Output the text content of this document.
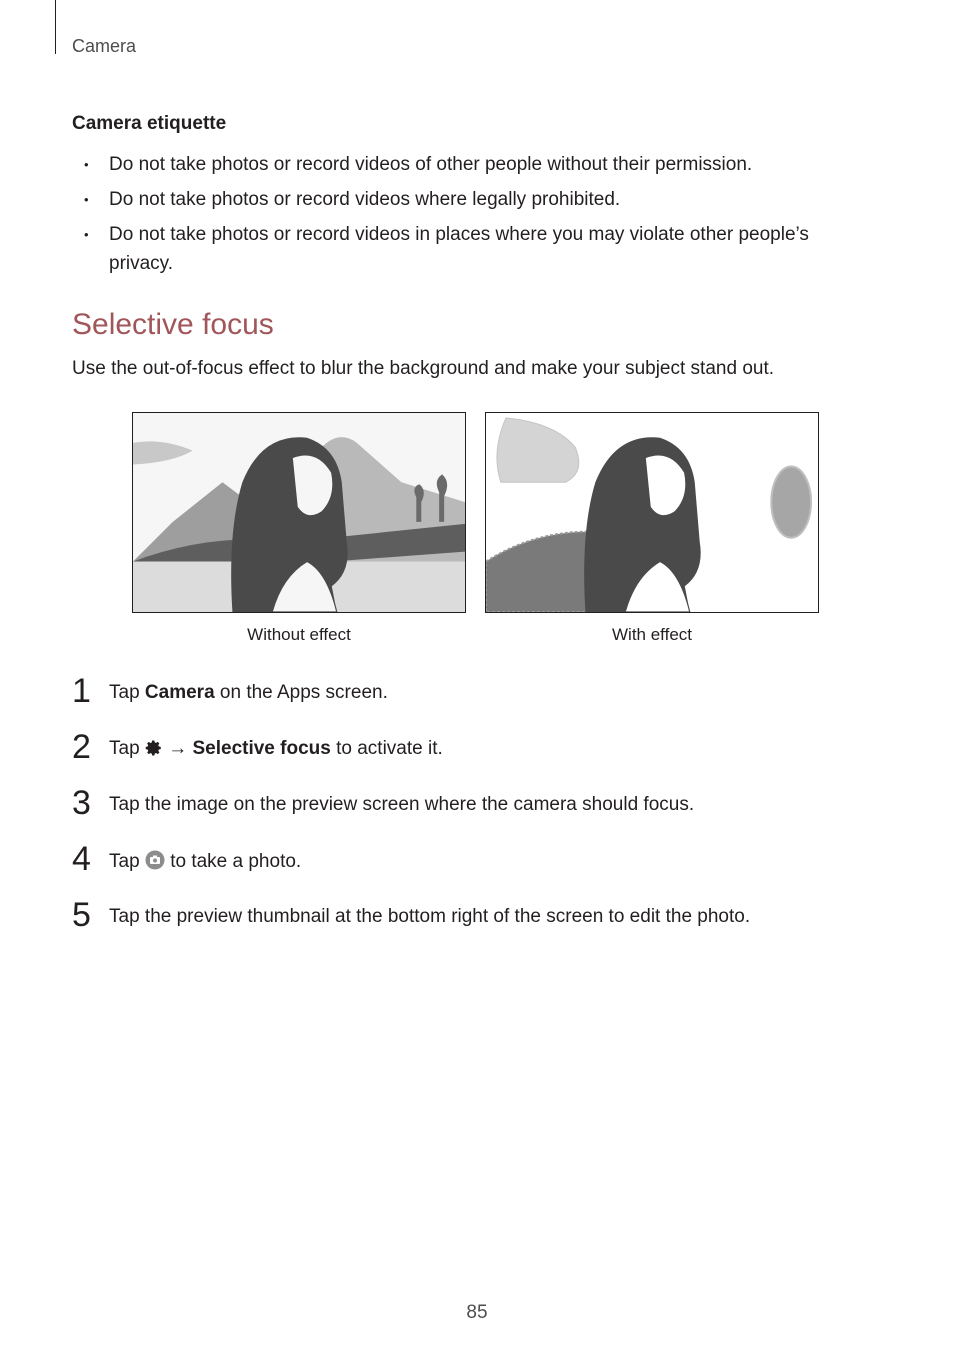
Camera
Camera etiquette
• Do not take photos or record videos of other people without their permission.
• Do not take photos or record videos where legally prohibited.
• Do not take photos or record videos in places where you may violate other people’s privacy.
Selective focus
Use the out-of-focus effect to blur the background and make your subject stand out.
Without effect	With effect
1 Tap Camera on the Apps screen.
2 Tap  → Selective focus to activate it.
3 Tap the image on the preview screen where the camera should focus.
4 Tap  to take a photo.
5 Tap the preview thumbnail at the bottom right of the screen to edit the photo.
85
